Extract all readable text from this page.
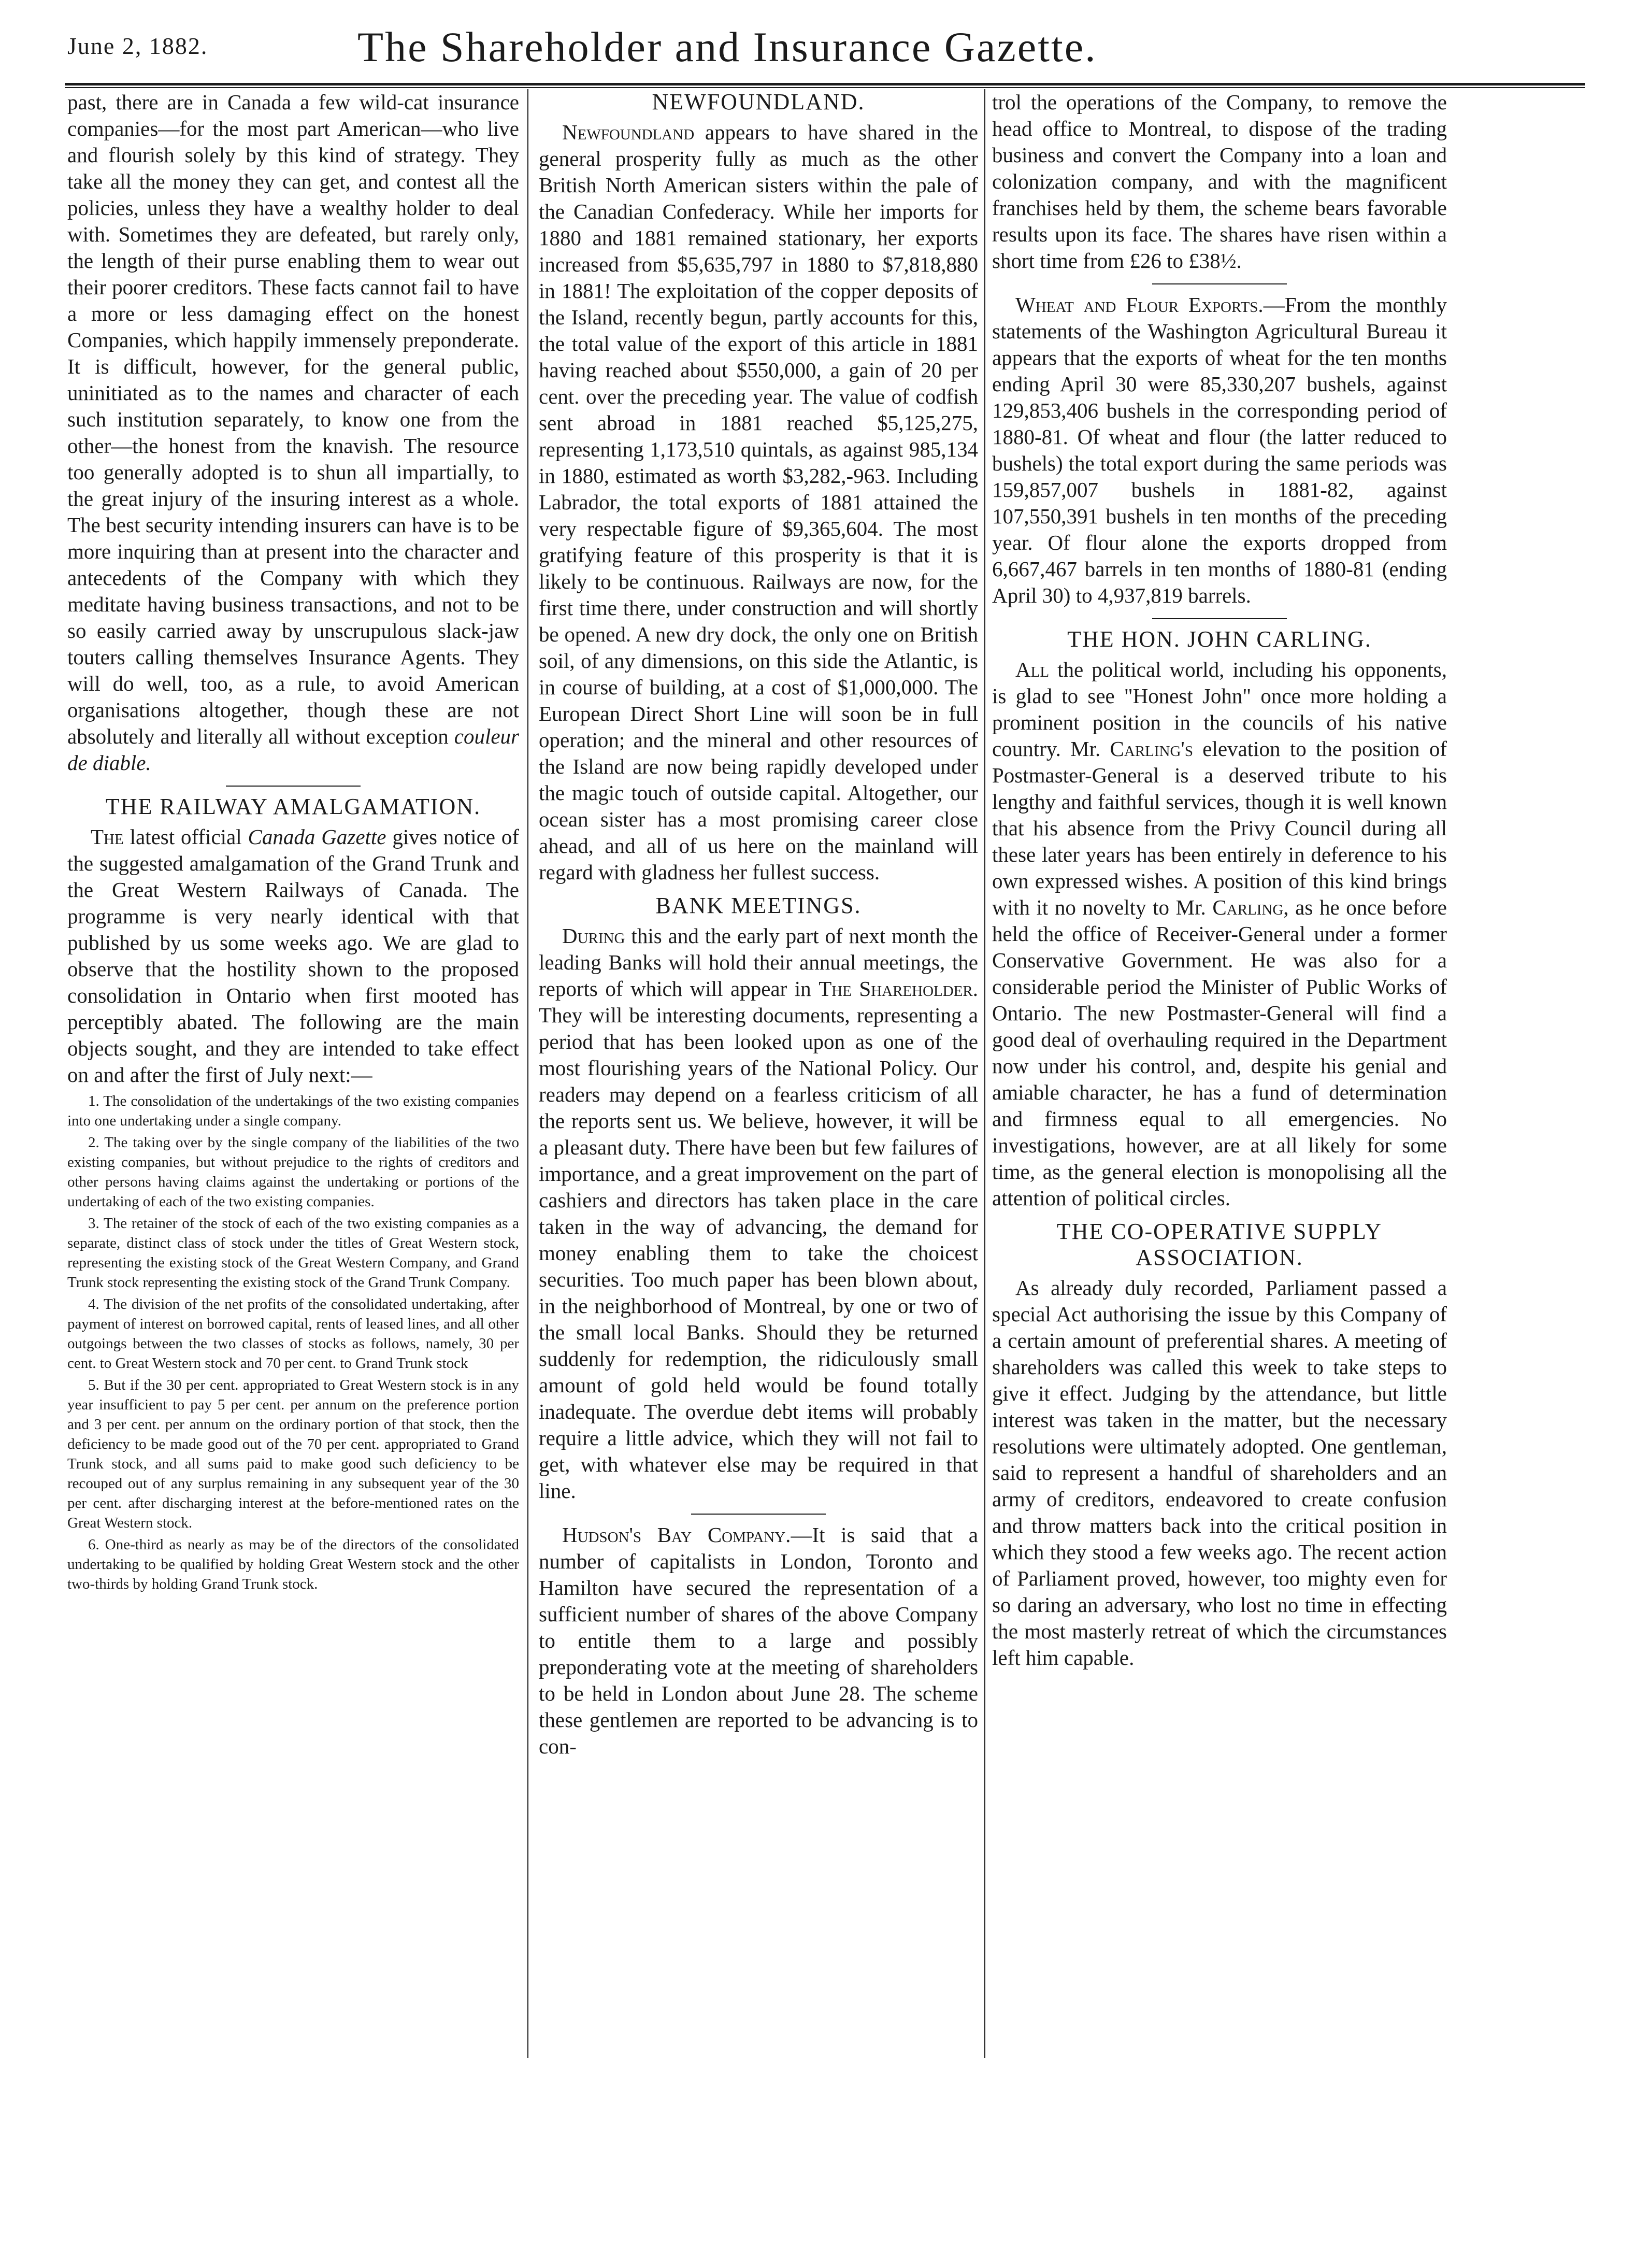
June 2, 1882.	The Shareholder and Insurance Gazette.

past, there are in Canada a few wild-cat insurance companies—for the most part American—who live and flourish solely by this kind of strategy. They take all the money they can get, and contest all the policies, unless they have a wealthy holder to deal with. Sometimes they are defeated, but rarely only, the length of their purse enabling them to wear out their poorer creditors. These facts cannot fail to have a more or less damaging effect on the honest Companies, which happily immensely preponderate. It is difficult, however, for the general public, uninitiated as to the names and character of each such institution separately, to know one from the other—the honest from the knavish. The resource too generally adopted is to shun all impartially, to the great injury of the insuring interest as a whole. The best security intending insurers can have is to be more inquiring than at present into the character and antecedents of the Company with which they meditate having business transactions, and not to be so easily carried away by unscrupulous slack-jaw touters calling themselves Insurance Agents. They will do well, too, as a rule, to avoid American organisations altogether, though these are not absolutely and literally all without exception couleur de diable.

THE RAILWAY AMALGAMATION.

The latest official Canada Gazette gives notice of the suggested amalgamation of the Grand Trunk and the Great Western Railways of Canada. The programme is very nearly identical with that published by us some weeks ago. We are glad to observe that the hostility shown to the proposed consolidation in Ontario when first mooted has perceptibly abated. The following are the main objects sought, and they are intended to take effect on and after the first of July next:—

1. The consolidation of the undertakings of the two existing companies into one undertaking under a single company.

2. The taking over by the single company of the liabilities of the two existing companies, but without prejudice to the rights of creditors and other persons having claims against the undertaking or portions of the undertaking of each of the two existing companies.

3. The retainer of the stock of each of the two existing companies as a separate, distinct class of stock under the titles of Great Western stock, representing the existing stock of the Great Western Company, and Grand Trunk stock representing the existing stock of the Grand Trunk Company.

4. The division of the net profits of the consolidated undertaking, after payment of interest on borrowed capital, rents of leased lines, and all other outgoings between the two classes of stocks as follows, namely, 30 per cent. to Great Western stock and 70 per cent. to Grand Trunk stock

5. But if the 30 per cent. appropriated to Great Western stock is in any year insufficient to pay 5 per cent. per annum on the preference portion and 3 per cent. per annum on the ordinary portion of that stock, then the deficiency to be made good out of the 70 per cent. appropriated to Grand Trunk stock, and all sums paid to make good such deficiency to be recouped out of any surplus remaining in any subsequent year of the 30 per cent. after discharging interest at the before-mentioned rates on the Great Western stock.

6. One-third as nearly as may be of the directors of the consolidated undertaking to be qualified by holding Great Western stock and the other two-thirds by holding Grand Trunk stock.

NEWFOUNDLAND.

Newfoundland appears to have shared in the general prosperity fully as much as the other British North American sisters within the pale of the Canadian Confederacy. While her imports for 1880 and 1881 remained stationary, her exports increased from $5,635,797 in 1880 to $7,818,880 in 1881! The exploitation of the copper deposits of the Island, recently begun, partly accounts for this, the total value of the export of this article in 1881 having reached about $550,000, a gain of 20 per cent. over the preceding year. The value of codfish sent abroad in 1881 reached $5,125,275, representing 1,173,510 quintals, as against 985,134 in 1880, estimated as worth $3,282,-963. Including Labrador, the total exports of 1881 attained the very respectable figure of $9,365,604. The most gratifying feature of this prosperity is that it is likely to be continuous. Railways are now, for the first time there, under construction and will shortly be opened. A new dry dock, the only one on British soil, of any dimensions, on this side the Atlantic, is in course of building, at a cost of $1,000,000. The European Direct Short Line will soon be in full operation; and the mineral and other resources of the Island are now being rapidly developed under the magic touch of outside capital. Altogether, our ocean sister has a most promising career close ahead, and all of us here on the mainland will regard with gladness her fullest success.

BANK MEETINGS.

During this and the early part of next month the leading Banks will hold their annual meetings, the reports of which will appear in The Shareholder. They will be interesting documents, representing a period that has been looked upon as one of the most flourishing years of the National Policy. Our readers may depend on a fearless criticism of all the reports sent us. We believe, however, it will be a pleasant duty. There have been but few failures of importance, and a great improvement on the part of cashiers and directors has taken place in the care taken in the way of advancing, the demand for money enabling them to take the choicest securities. Too much paper has been blown about, in the neighborhood of Montreal, by one or two of the small local Banks. Should they be returned suddenly for redemption, the ridiculously small amount of gold held would be found totally inadequate. The overdue debt items will probably require a little advice, which they will not fail to get, with whatever else may be required in that line.

Hudson's Bay Company.—It is said that a number of capitalists in London, Toronto and Hamilton have secured the representation of a sufficient number of shares of the above Company to entitle them to a large and possibly preponderating vote at the meeting of shareholders to be held in London about June 28. The scheme these gentlemen are reported to be advancing is to con-

trol the operations of the Company, to remove the head office to Montreal, to dispose of the trading business and convert the Company into a loan and colonization company, and with the magnificent franchises held by them, the scheme bears favorable results upon its face. The shares have risen within a short time from £26 to £38½.

Wheat and Flour Exports.—From the monthly statements of the Washington Agricultural Bureau it appears that the exports of wheat for the ten months ending April 30 were 85,330,207 bushels, against 129,853,406 bushels in the corresponding period of 1880-81. Of wheat and flour (the latter reduced to bushels) the total export during the same periods was 159,857,007 bushels in 1881-82, against 107,550,391 bushels in ten months of the preceding year. Of flour alone the exports dropped from 6,667,467 barrels in ten months of 1880-81 (ending April 30) to 4,937,819 barrels.

THE HON. JOHN CARLING.

All the political world, including his opponents, is glad to see "Honest John" once more holding a prominent position in the councils of his native country. Mr. Carling's elevation to the position of Postmaster-General is a deserved tribute to his lengthy and faithful services, though it is well known that his absence from the Privy Council during all these later years has been entirely in deference to his own expressed wishes. A position of this kind brings with it no novelty to Mr. Carling, as he once before held the office of Receiver-General under a former Conservative Government. He was also for a considerable period the Minister of Public Works of Ontario. The new Postmaster-General will find a good deal of overhauling required in the Department now under his control, and, despite his genial and amiable character, he has a fund of determination and firmness equal to all emergencies. No investigations, however, are at all likely for some time, as the general election is monopolising all the attention of political circles.

THE CO-OPERATIVE SUPPLY ASSOCIATION.

As already duly recorded, Parliament passed a special Act authorising the issue by this Company of a certain amount of preferential shares. A meeting of shareholders was called this week to take steps to give it effect. Judging by the attendance, but little interest was taken in the matter, but the necessary resolutions were ultimately adopted. One gentleman, said to represent a handful of shareholders and an army of creditors, endeavored to create confusion and throw matters back into the critical position in which they stood a few weeks ago. The recent action of Parliament proved, however, too mighty even for so daring an adversary, who lost no time in effecting the most masterly retreat of which the circumstances left him capable.
